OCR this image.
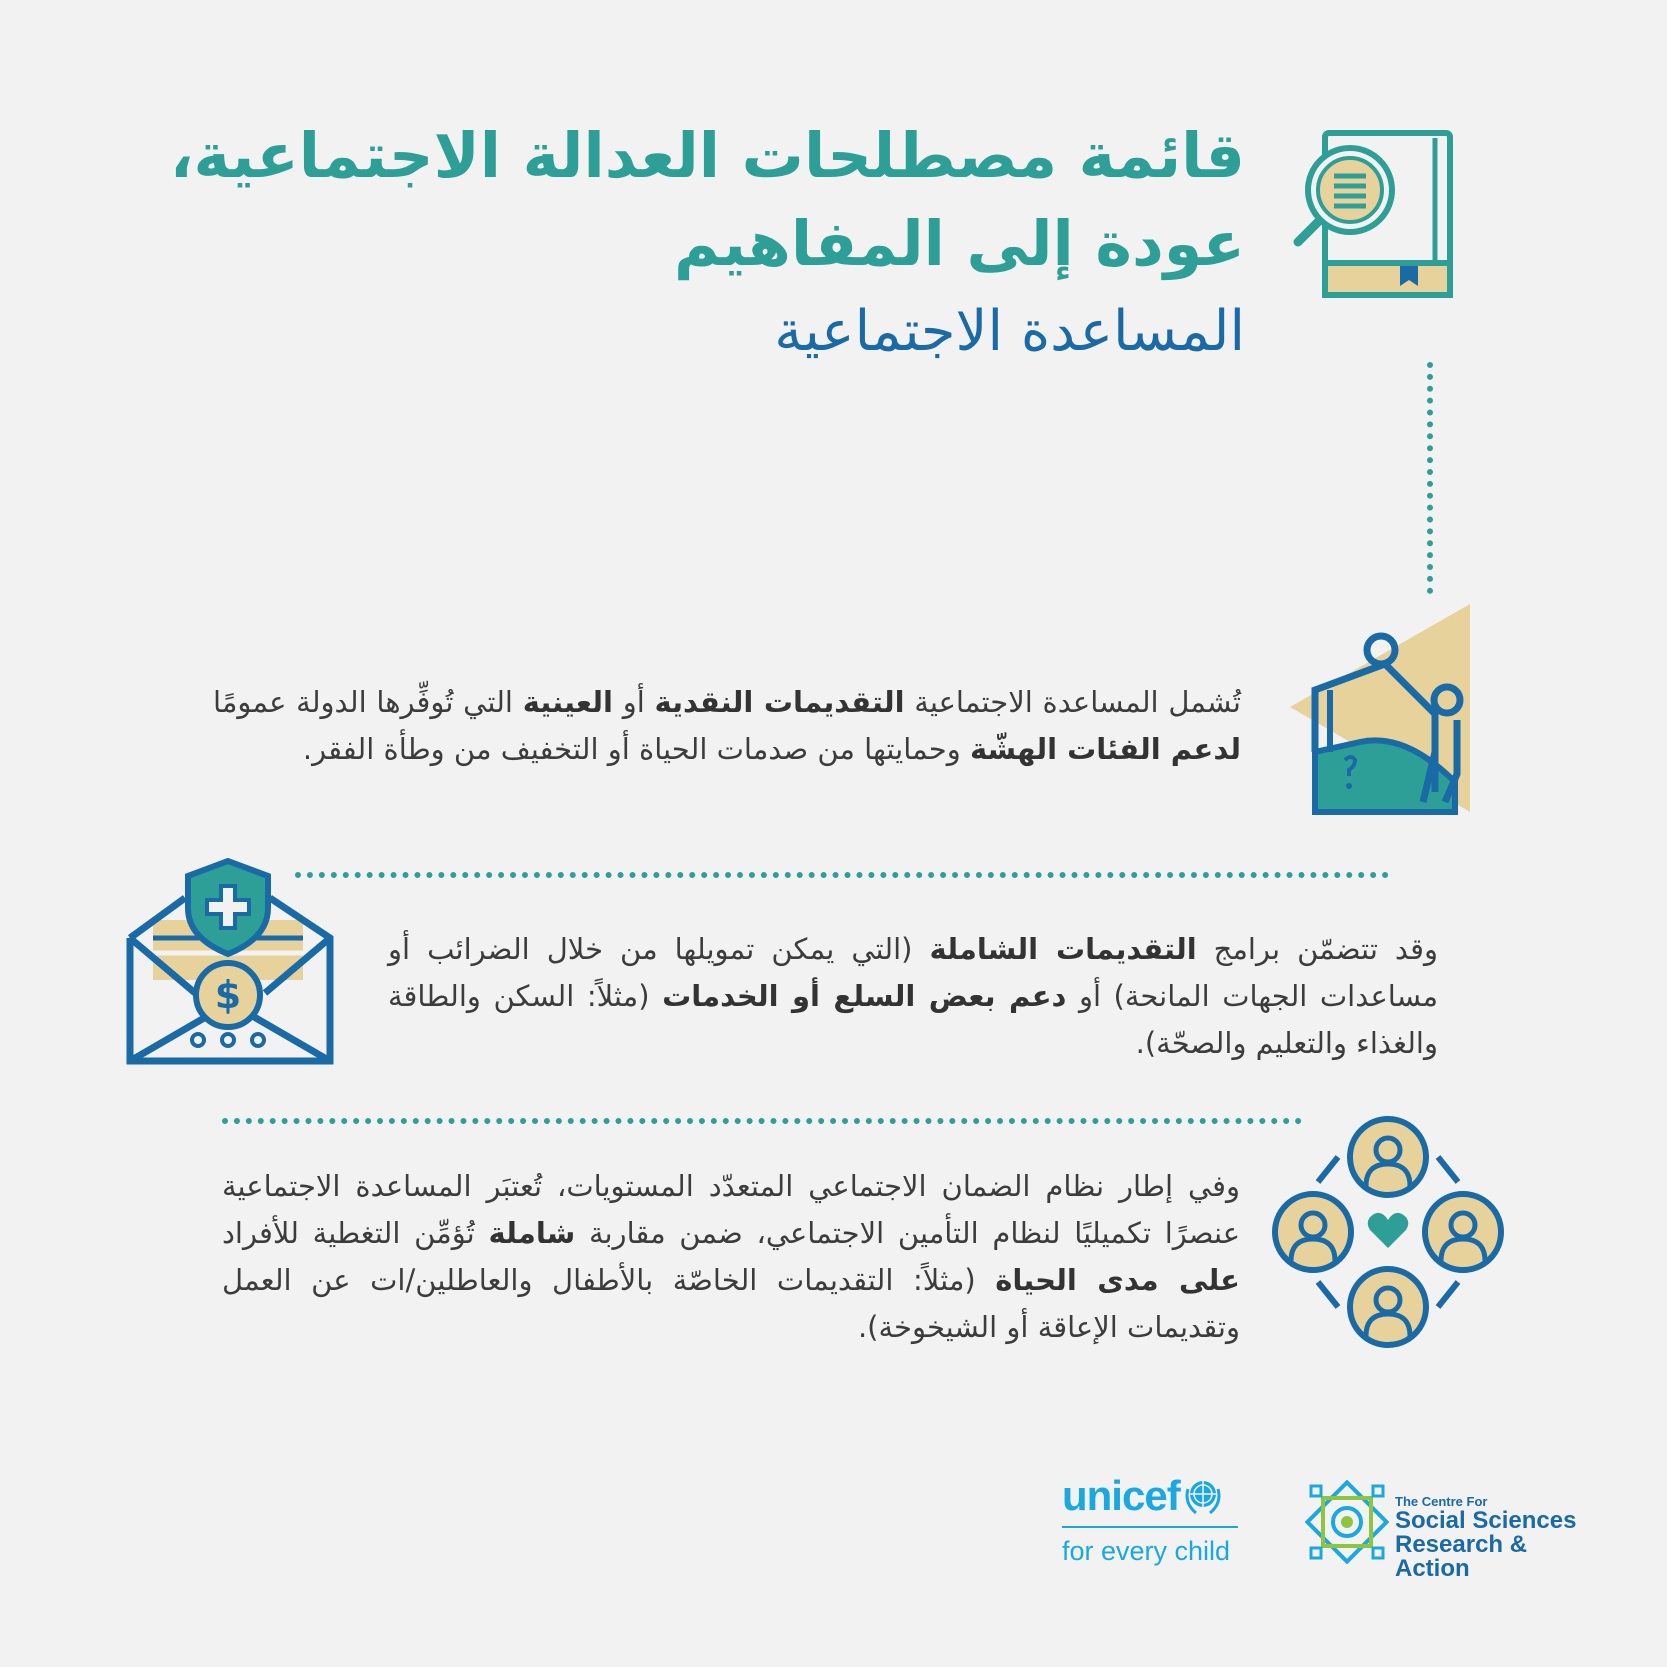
قائمة مصطلحات العدالة الاجتماعية،
عودة إلى المفاهيم
المساعدة الاجتماعية
تُشمل المساعدة الاجتماعية التقديمات النقدية أو العينية التي تُوفِّرها الدولة عمومًا لدعم الفئات الهشّة وحمايتها من صدمات الحياة أو التخفيف من وطأة الفقر.
$
وقد تتضمّن برامج التقديمات الشاملة (التي يمكن تمويلها من خلال الضرائب أو مساعدات الجهات المانحة) أو دعم بعض السلع أو الخدمات (مثلاً: السكن والطاقة والغذاء والتعليم والصحّة).
وفي إطار نظام الضمان الاجتماعي المتعدّد المستويات، تُعتبَر المساعدة الاجتماعية عنصرًا تكميليًا لنظام التأمين الاجتماعي، ضمن مقاربة شاملة تُؤمِّن التغطية للأفراد على مدى الحياة (مثلاً: التقديمات الخاصّة بالأطفال والعاطلين/ات عن العمل وتقديمات الإعاقة أو الشيخوخة).
unicef
for every child
The Centre For
Social Sciences
Research & Action
